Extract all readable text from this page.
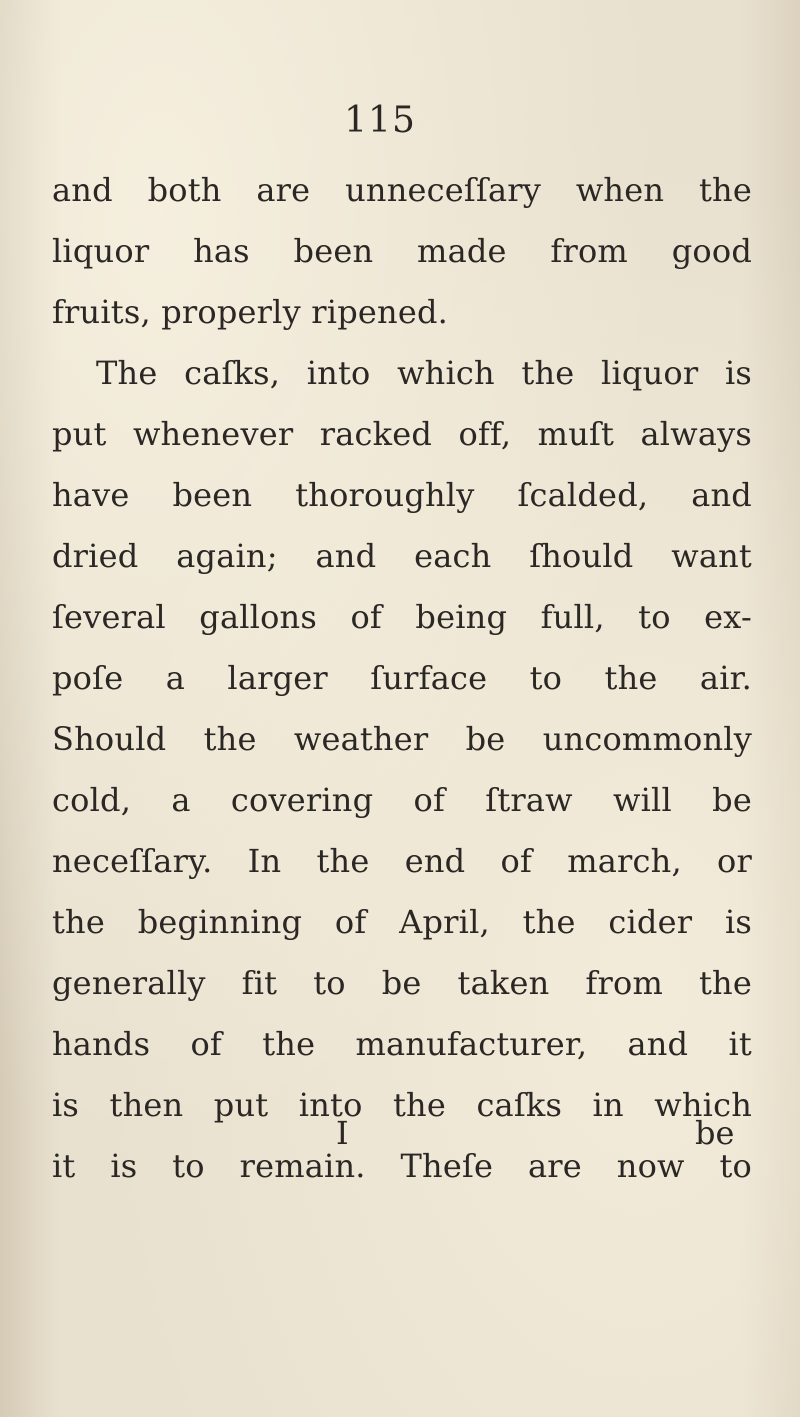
115
and both are unneceſſary when the
liquor has been made from good
fruits, properly ripened.
The caſks, into which the liquor is
put whenever racked off, muſt always
have been thoroughly ſcalded, and
dried again; and each ſhould want
ſeveral gallons of being full, to ex-
poſe a larger ſurface to the air.
Should the weather be uncommonly
cold, a covering of ſtraw will be
neceſſary. In the end of march, or
the beginning of April, the cider is
generally fit to be taken from the
hands of the manufacturer, and it
is then put into the caſks in which
it is to remain. Theſe are now to
I	be
